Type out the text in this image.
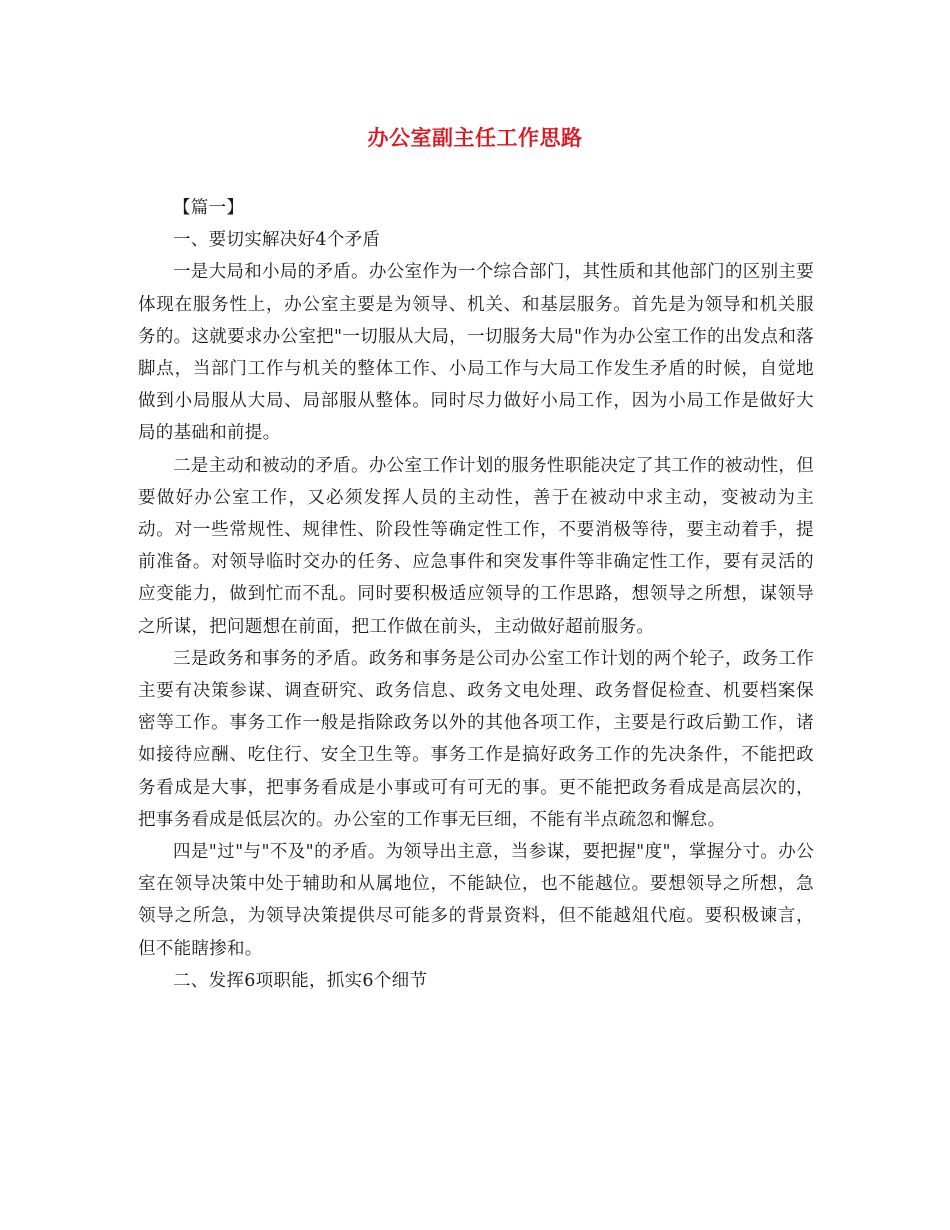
办公室副主任工作思路

【篇一】

一、要切实解决好4个矛盾

一是大局和小局的矛盾。办公室作为一个综合部门，其性质和其他部门的区别主要体现在服务性上，办公室主要是为领导、机关、和基层服务。首先是为领导和机关服务的。这就要求办公室把"一切服从大局，一切服务大局"作为办公室工作的出发点和落脚点，当部门工作与机关的整体工作、小局工作与大局工作发生矛盾的时候，自觉地做到小局服从大局、局部服从整体。同时尽力做好小局工作，因为小局工作是做好大局的基础和前提。

二是主动和被动的矛盾。办公室工作计划的服务性职能决定了其工作的被动性，但要做好办公室工作，又必须发挥人员的主动性，善于在被动中求主动，变被动为主动。对一些常规性、规律性、阶段性等确定性工作，不要消极等待，要主动着手，提前准备。对领导临时交办的任务、应急事件和突发事件等非确定性工作，要有灵活的应变能力，做到忙而不乱。同时要积极适应领导的工作思路，想领导之所想，谋领导之所谋，把问题想在前面，把工作做在前头，主动做好超前服务。

三是政务和事务的矛盾。政务和事务是公司办公室工作计划的两个轮子，政务工作主要有决策参谋、调查研究、政务信息、政务文电处理、政务督促检查、机要档案保密等工作。事务工作一般是指除政务以外的其他各项工作，主要是行政后勤工作，诸如接待应酬、吃住行、安全卫生等。事务工作是搞好政务工作的先决条件，不能把政务看成是大事，把事务看成是小事或可有可无的事。更不能把政务看成是高层次的，把事务看成是低层次的。办公室的工作事无巨细，不能有半点疏忽和懈怠。

四是"过"与"不及"的矛盾。为领导出主意，当参谋，要把握"度"，掌握分寸。办公室在领导决策中处于辅助和从属地位，不能缺位，也不能越位。要想领导之所想，急领导之所急，为领导决策提供尽可能多的背景资料，但不能越俎代庖。要积极谏言，但不能瞎掺和。

二、发挥6项职能，抓实6个细节
